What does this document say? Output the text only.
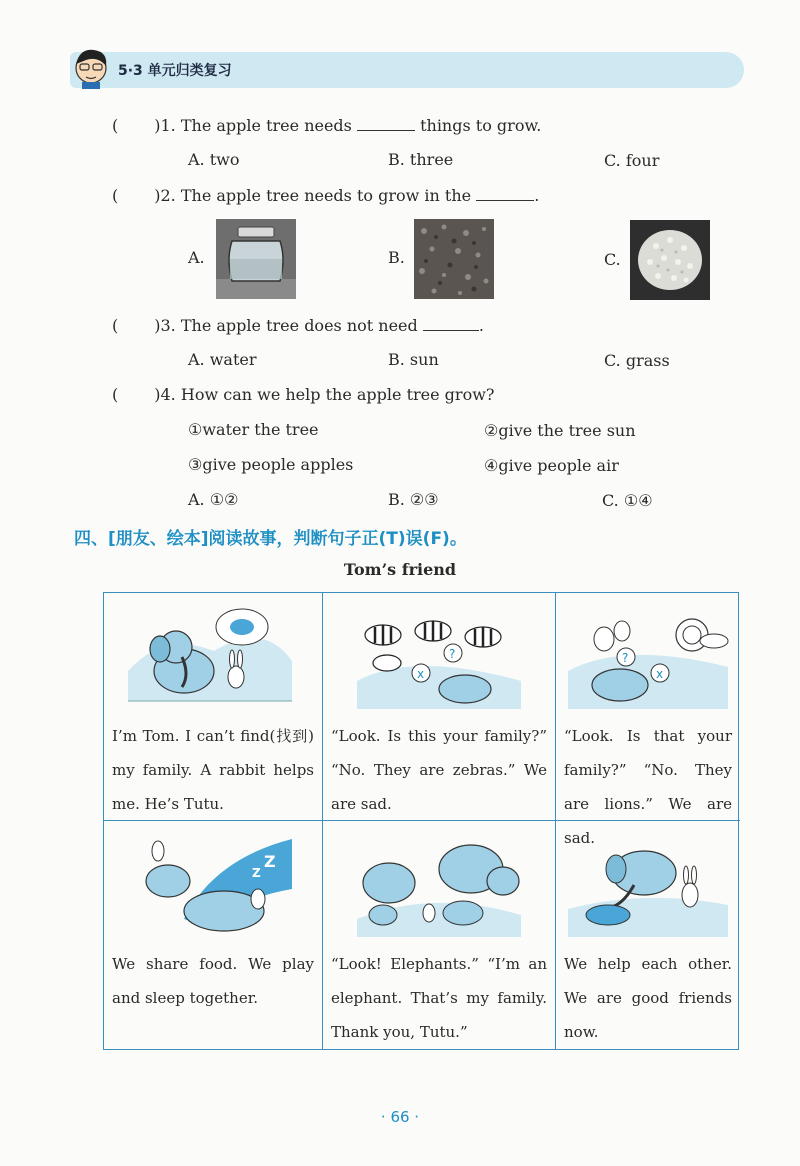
5·3 单元归类复习
( )1. The apple tree needs	things to grow.
A. two	B. three	C. four
( )2. The apple tree needs to grow in the	.
A.	B.	C.
( )3. The apple tree does not need	.
A. water	B. sun	C. grass
( )4. How can we help the apple tree grow?
①water the tree	②give the tree sun
③give people apples	④give people air
A. ①②	B. ②③	C. ①④
四、[朋友、绘本]阅读故事，判断句子正(T)误(F)。
Tom’s friend
I’m Tom. I can’t find(找到) my family. A rabbit helps me. He’s Tutu.
x
?
“Look. Is this your family?” “No. They are zebras.” We are sad.
?
x
“Look. Is that your family?” “No. They are lions.” We are sad.
Z
Z
We share food. We play and sleep together.
“Look! Elephants.” “I’m an elephant. That’s my family. Thank you, Tutu.”
We help each other. We are good friends now.
· 66 ·
